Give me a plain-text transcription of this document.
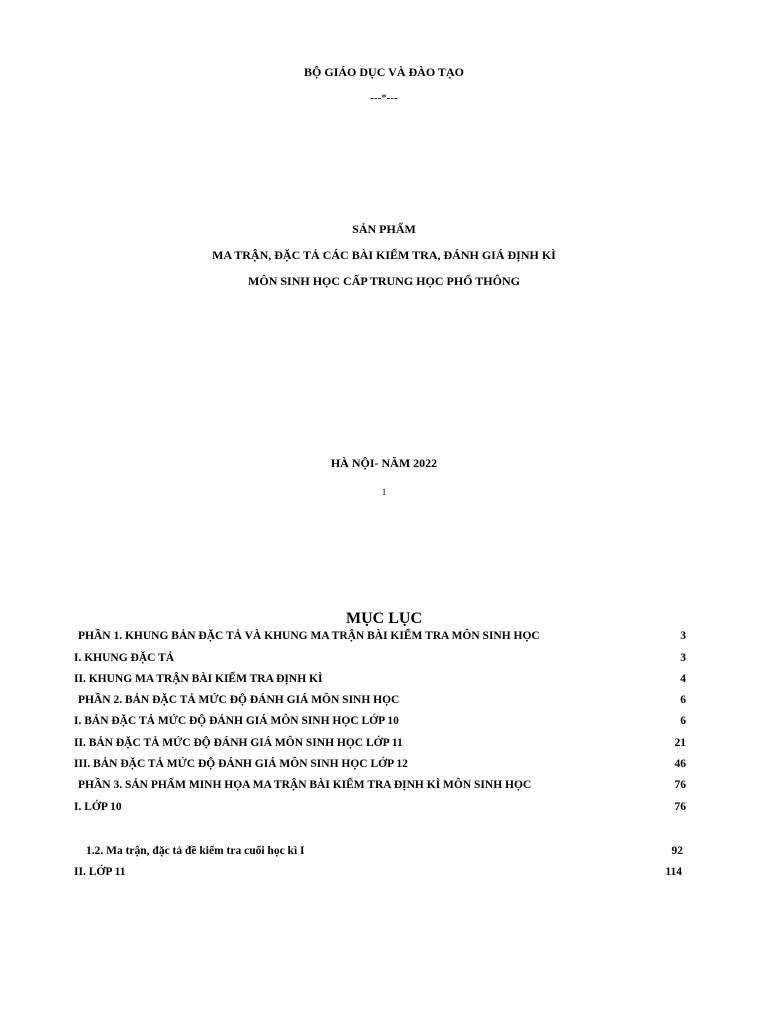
BỘ GIÁO DỤC VÀ ĐÀO TẠO
---*---
SẢN PHẨM
MA TRẬN, ĐẶC TẢ CÁC BÀI KIỂM TRA, ĐÁNH GIÁ ĐỊNH KÌ
MÔN SINH HỌC CẤP TRUNG HỌC PHỔ THÔNG
HÀ NỘI- NĂM 2022
1
MỤC LỤC
PHẦN 1. KHUNG BẢN ĐẶC TẢ VÀ KHUNG MA TRẬN BÀI KIỂM TRA MÔN SINH HỌC	3
I. KHUNG ĐẶC TẢ	3
II. KHUNG MA TRẬN BÀI KIỂM TRA ĐỊNH KÌ	4
PHẦN 2. BẢN ĐẶC TẢ MỨC ĐỘ ĐÁNH GIÁ MÔN SINH HỌC	6
I. BẢN ĐẶC TẢ MỨC ĐỘ ĐÁNH GIÁ MÔN SINH HỌC LỚP 10	6
II. BẢN ĐẶC TẢ MỨC ĐỘ ĐÁNH GIÁ MÔN SINH HỌC LỚP 11	21
III. BẢN ĐẶC TẢ MỨC ĐỘ ĐÁNH GIÁ MÔN SINH HỌC LỚP 12	46
PHẦN 3. SẢN PHẨM MINH HỌA MA TRẬN BÀI KIỂM TRA ĐỊNH KÌ MÔN SINH HỌC	76
I. LỚP 10	76
1.2. Ma trận, đặc tả đề kiểm tra cuối học kì I	92
II. LỚP 11	114
